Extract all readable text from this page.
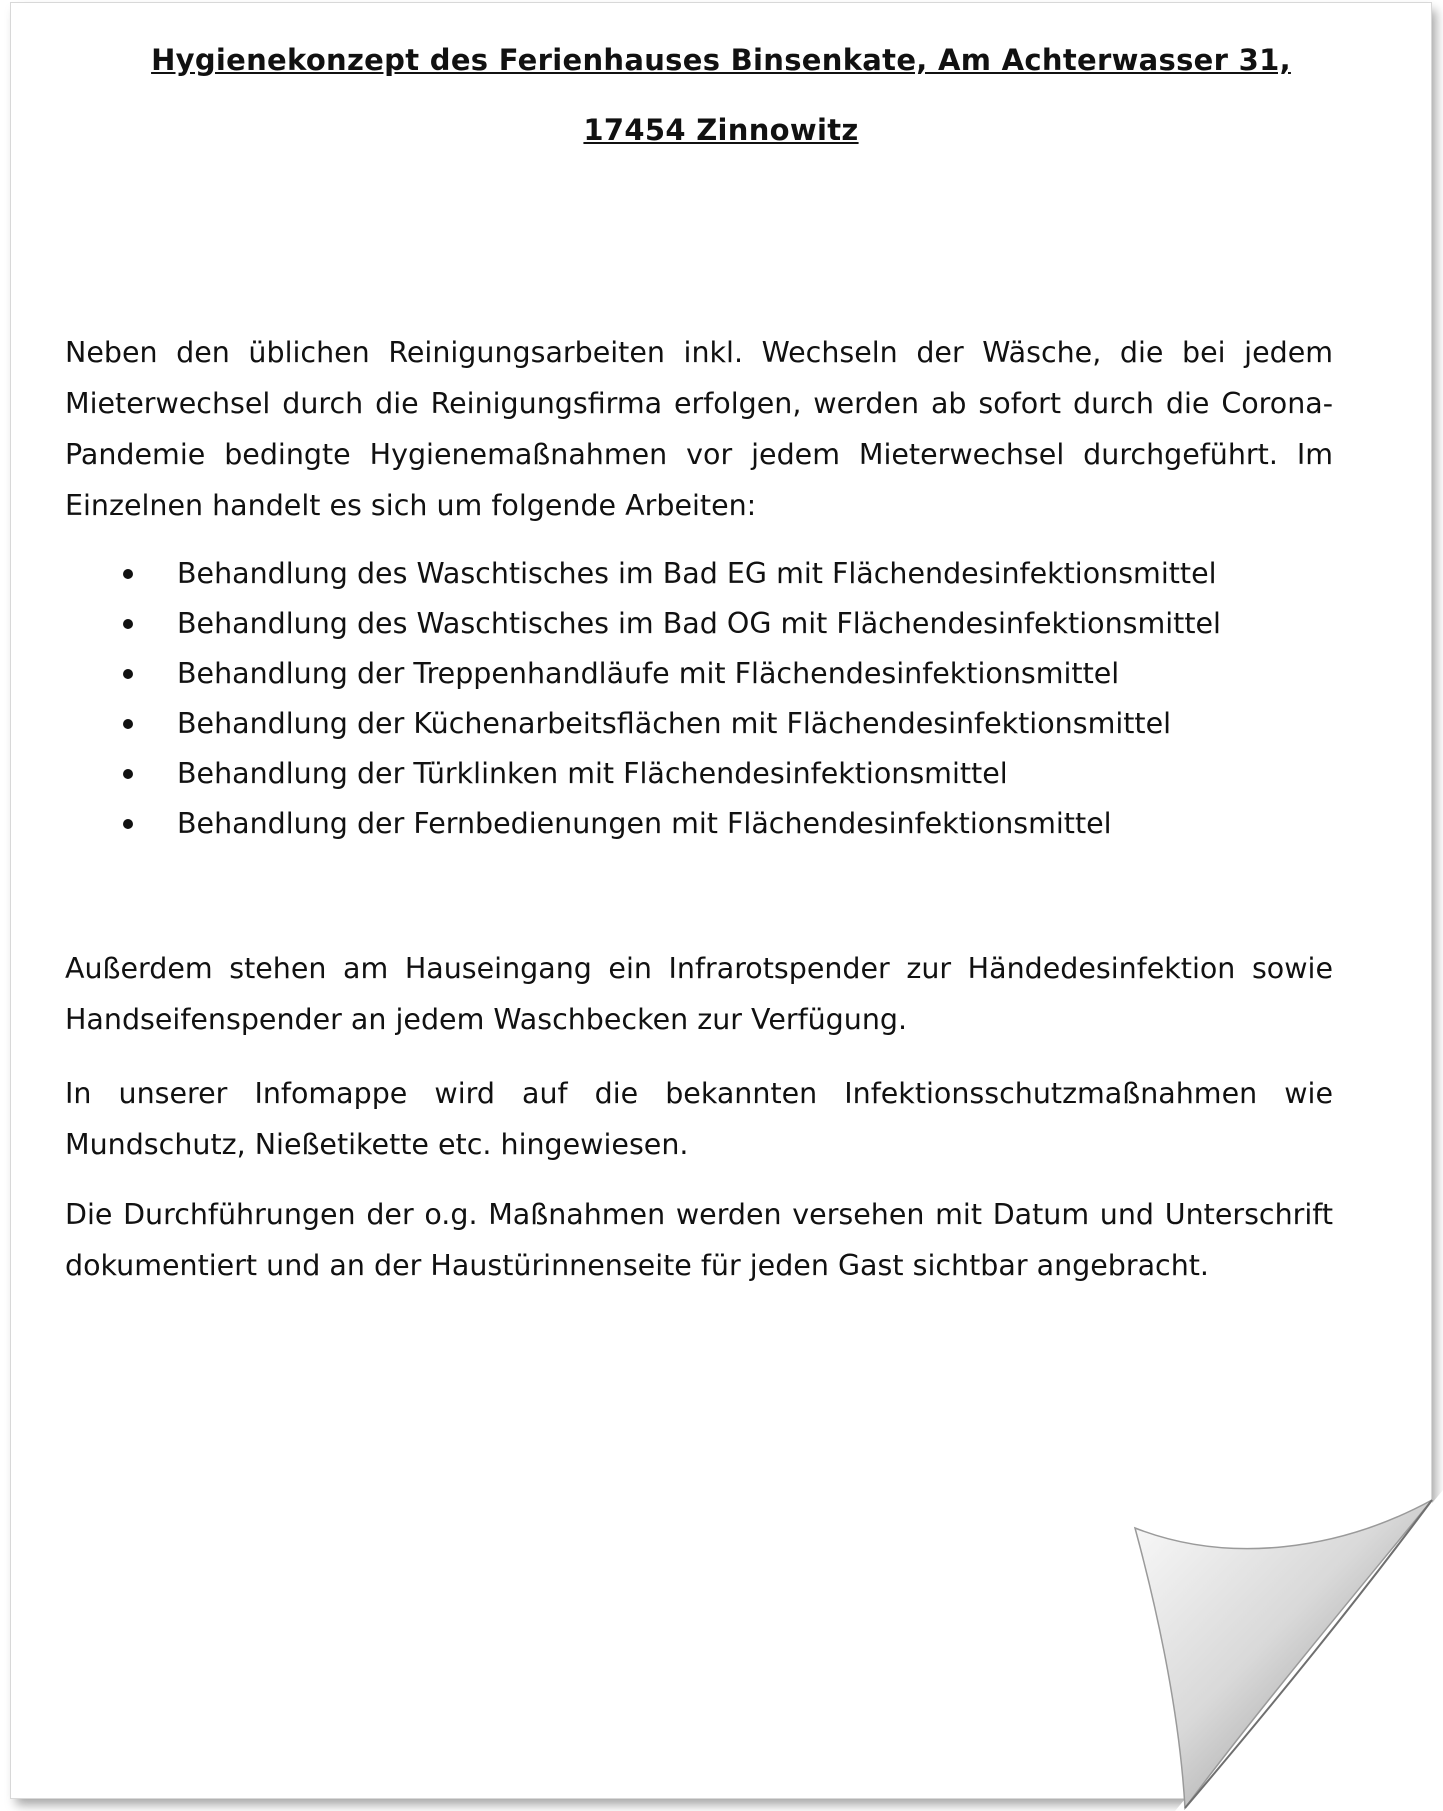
Hygienekonzept des Ferienhauses Binsenkate, Am Achterwasser 31,
17454 Zinnowitz
Neben den üblichen Reinigungsarbeiten inkl. Wechseln der Wäsche, die bei jedem Mieterwechsel durch die Reinigungsfirma erfolgen, werden ab sofort durch die Corona-Pandemie bedingte Hygienemaßnahmen vor jedem Mieterwechsel durchgeführt. Im Einzelnen handelt es sich um folgende Arbeiten:
Behandlung des Waschtisches im Bad EG mit Flächendesinfektionsmittel
Behandlung des Waschtisches im Bad OG mit Flächendesinfektionsmittel
Behandlung der Treppenhandläufe mit Flächendesinfektionsmittel
Behandlung der Küchenarbeitsflächen mit Flächendesinfektionsmittel
Behandlung der Türklinken mit Flächendesinfektionsmittel
Behandlung der Fernbedienungen mit Flächendesinfektionsmittel
Außerdem stehen am Hauseingang ein Infrarotspender zur Händedesinfektion sowie Handseifenspender an jedem Waschbecken zur Verfügung.
In unserer Infomappe wird auf die bekannten Infektionsschutzmaßnahmen wie Mundschutz, Nießetikette etc. hingewiesen.
Die Durchführungen der o.g. Maßnahmen werden versehen mit Datum und Unterschrift dokumentiert und an der Haustürinnenseite für jeden Gast sichtbar angebracht.
